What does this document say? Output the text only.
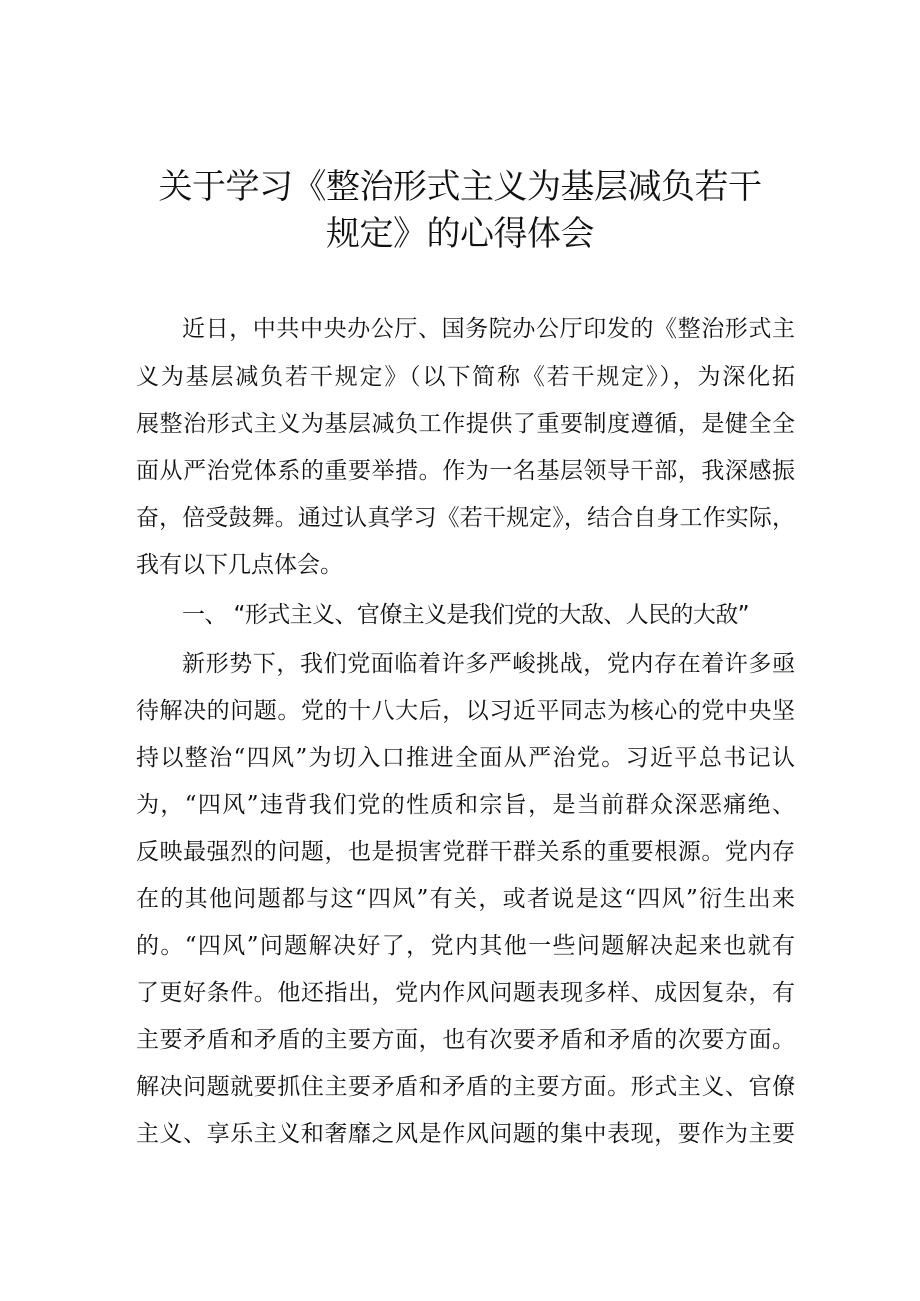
关于学习《整治形式主义为基层减负若干
规定》的心得体会
近日，中共中央办公厅、国务院办公厅印发的《整治形式主
义为基层减负若干规定》（以下简称《若干规定》），为深化拓
展整治形式主义为基层减负工作提供了重要制度遵循，是健全全
面从严治党体系的重要举措。作为一名基层领导干部，我深感振
奋，倍受鼓舞。通过认真学习《若干规定》，结合自身工作实际，
我有以下几点体会。
一、 “形式主义、官僚主义是我们党的大敌、人民的大敌”
新形势下，我们党面临着许多严峻挑战，党内存在着许多亟
待解决的问题。党的十八大后，以习近平同志为核心的党中央坚
持以整治“四风”为切入口推进全面从严治党。习近平总书记认
为，“四风”违背我们党的性质和宗旨，是当前群众深恶痛绝、
反映最强烈的问题，也是损害党群干群关系的重要根源。党内存
在的其他问题都与这“四风”有关，或者说是这“四风”衍生出来
的。“四风”问题解决好了，党内其他一些问题解决起来也就有
了更好条件。他还指出，党内作风问题表现多样、成因复杂，有
主要矛盾和矛盾的主要方面，也有次要矛盾和矛盾的次要方面。
解决问题就要抓住主要矛盾和矛盾的主要方面。形式主义、官僚
主义、享乐主义和奢靡之风是作风问题的集中表现，要作为主要
